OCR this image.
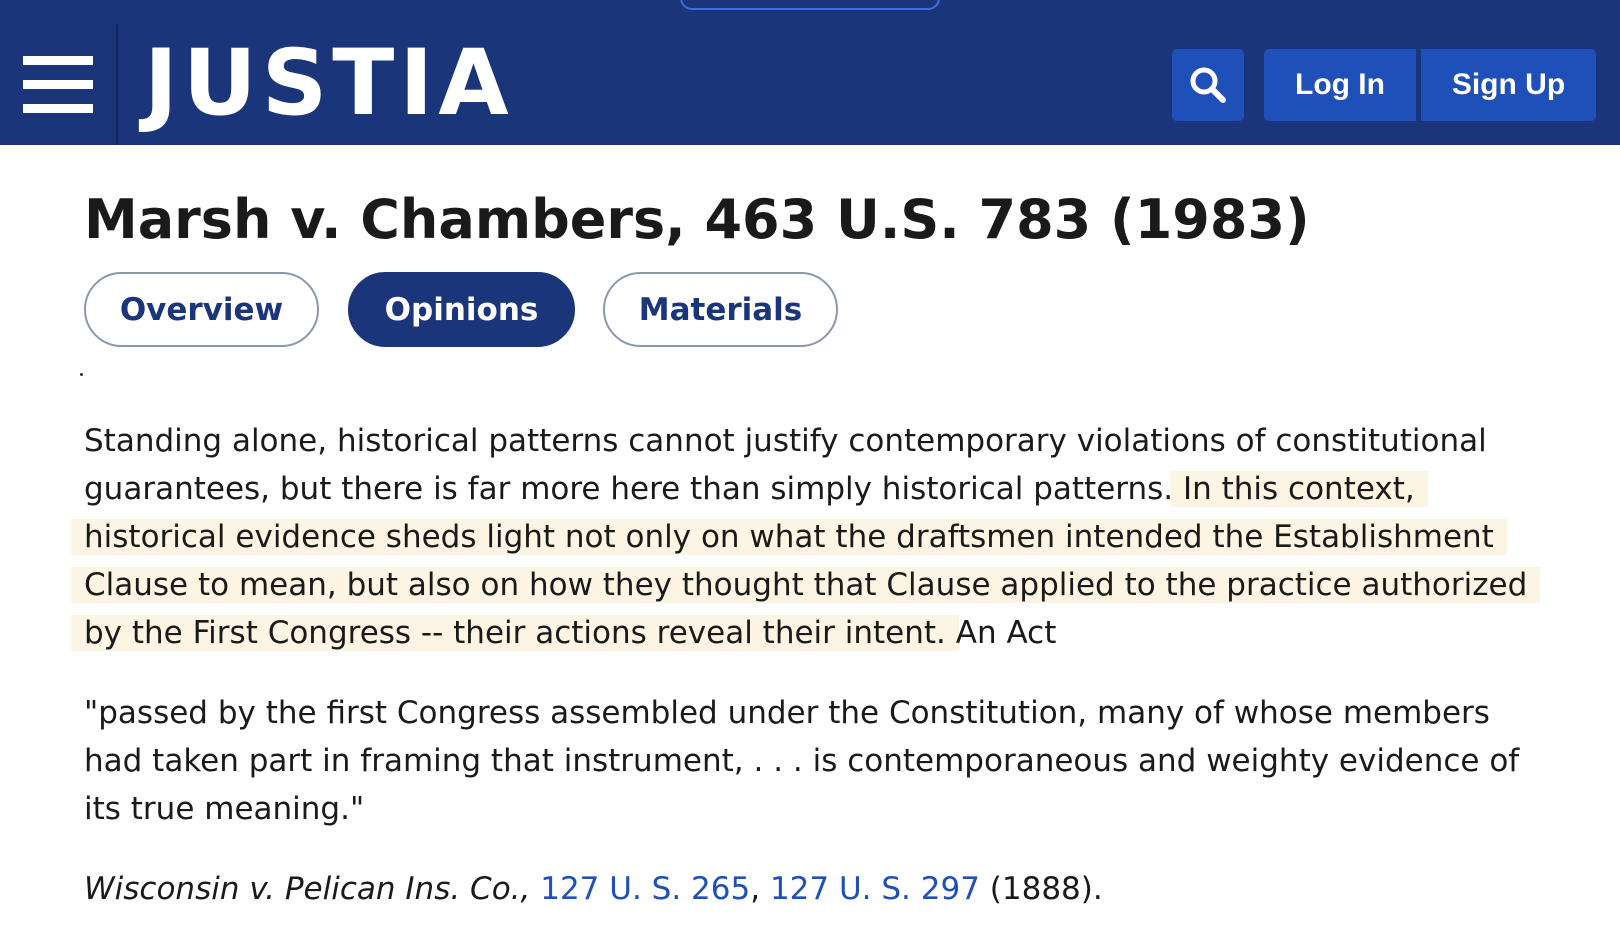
JUSTIA	Log In	Sign Up
Marsh v. Chambers, 463 U.S. 783 (1983)
Overview	Opinions	Materials

Standing alone, historical patterns cannot justify contemporary violations of constitutional guarantees, but there is far more here than simply historical patterns. In this context, historical evidence sheds light not only on what the draftsmen intended the Establishment Clause to mean, but also on how they thought that Clause applied to the practice authorized by the First Congress -- their actions reveal their intent. An Act

"passed by the first Congress assembled under the Constitution, many of whose members had taken part in framing that instrument, . . . is contemporaneous and weighty evidence of its true meaning."

Wisconsin v. Pelican Ins. Co., 127 U. S. 265, 127 U. S. 297 (1888).
